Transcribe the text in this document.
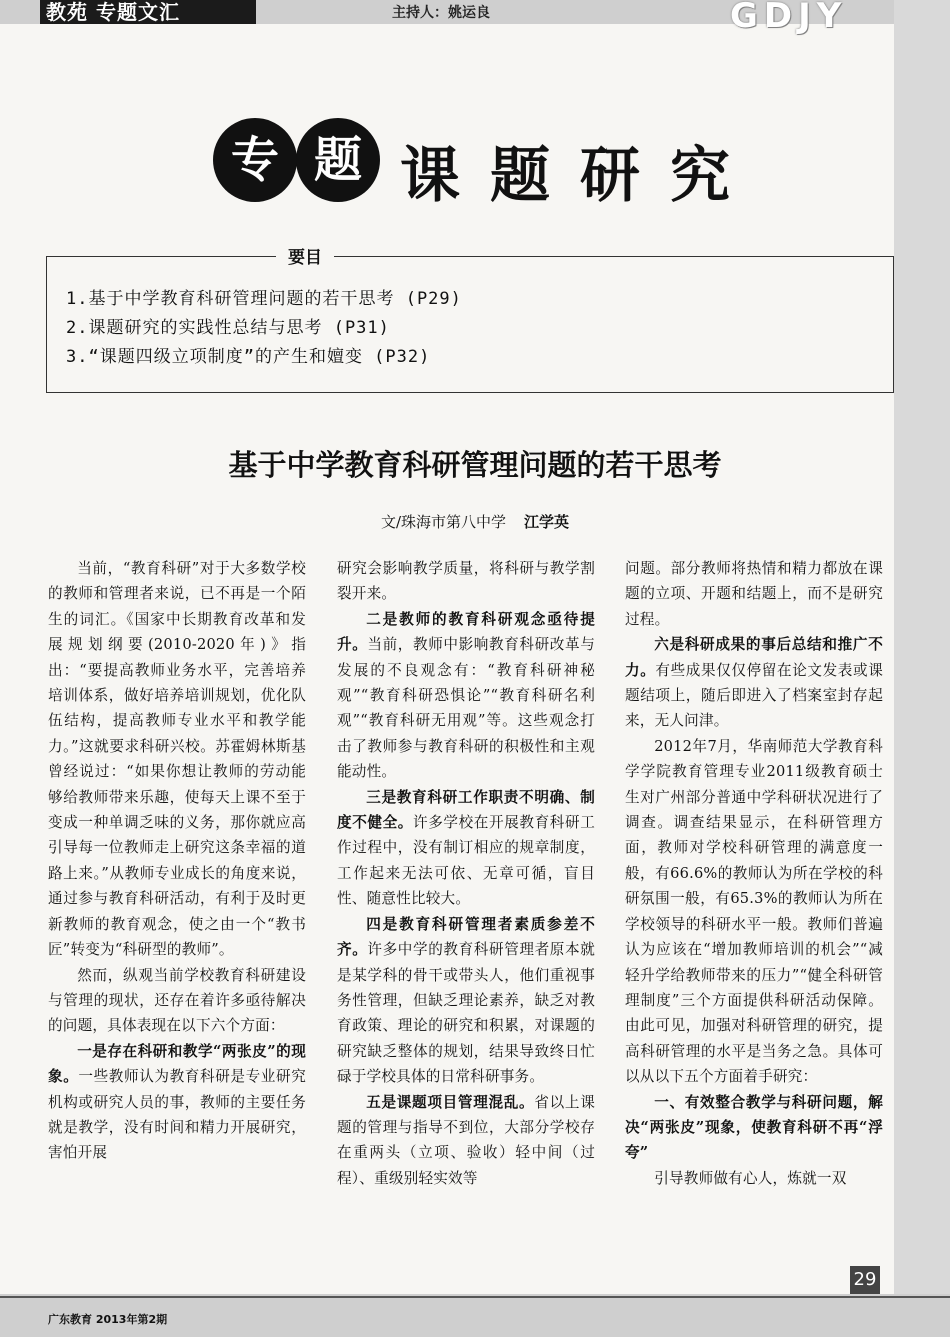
教苑 专题文汇	主持人：姚运良	GDJY
专 题 课题研究
要目
1.基于中学教育科研管理问题的若干思考 (P29)
2.课题研究的实践性总结与思考 (P31)
3.“课题四级立项制度”的产生和嬗变 (P32)
基于中学教育科研管理问题的若干思考
文/珠海市第八中学 江学英

当前，“教育科研”对于大多数学校的教师和管理者来说，已不再是一个陌生的词汇。《国家中长期教育改革和发展规划纲要(2010-2020年)》指出：“要提高教师业务水平，完善培养培训体系，做好培养培训规划，优化队伍结构，提高教师专业水平和教学能力。”这就要求科研兴校。苏霍姆林斯基曾经说过：“如果你想让教师的劳动能够给教师带来乐趣，使每天上课不至于变成一种单调乏味的义务，那你就应高引导每一位教师走上研究这条幸福的道路上来。”从教师专业成长的角度来说，通过参与教育科研活动，有利于及时更新教师的教育观念，使之由一个“教书匠”转变为“科研型的教师”。

然而，纵观当前学校教育科研建设与管理的现状，还存在着许多亟待解决的问题，具体表现在以下六个方面：

一是存在科研和教学“两张皮”的现象。一些教师认为教育科研是专业研究机构或研究人员的事，教师的主要任务就是教学，没有时间和精力开展研究，害怕开展

研究会影响教学质量，将科研与教学割裂开来。

二是教师的教育科研观念亟待提升。当前，教师中影响教育科研改革与发展的不良观念有：“教育科研神秘观”“教育科研恐惧论”“教育科研名利观”“教育科研无用观”等。这些观念打击了教师参与教育科研的积极性和主观能动性。

三是教育科研工作职责不明确、制度不健全。许多学校在开展教育科研工作过程中，没有制订相应的规章制度，工作起来无法可依、无章可循，盲目性、随意性比较大。

四是教育科研管理者素质参差不齐。许多中学的教育科研管理者原本就是某学科的骨干或带头人，他们重视事务性管理，但缺乏理论素养，缺乏对教育政策、理论的研究和积累，对课题的研究缺乏整体的规划，结果导致终日忙碌于学校具体的日常科研事务。

五是课题项目管理混乱。省以上课题的管理与指导不到位，大部分学校存在重两头（立项、验收）轻中间（过程）、重级别轻实效等

问题。部分教师将热情和精力都放在课题的立项、开题和结题上，而不是研究过程。

六是科研成果的事后总结和推广不力。有些成果仅仅停留在论文发表或课题结项上，随后即进入了档案室封存起来，无人问津。

2012年7月，华南师范大学教育科学学院教育管理专业2011级教育硕士生对广州部分普通中学科研状况进行了调查。调查结果显示，在科研管理方面，教师对学校科研管理的满意度一般，有66.6%的教师认为所在学校的科研氛围一般，有65.3%的教师认为所在学校领导的科研水平一般。教师们普遍认为应该在“增加教师培训的机会”“减轻升学给教师带来的压力”“健全科研管理制度”三个方面提供科研活动保障。由此可见，加强对科研管理的研究，提高科研管理的水平是当务之急。具体可以从以下五个方面着手研究：

一、有效整合教学与科研问题，解决“两张皮”现象，使教育科研不再“浮夸”

引导教师做有心人，炼就一双

29
广东教育 2013年第2期
